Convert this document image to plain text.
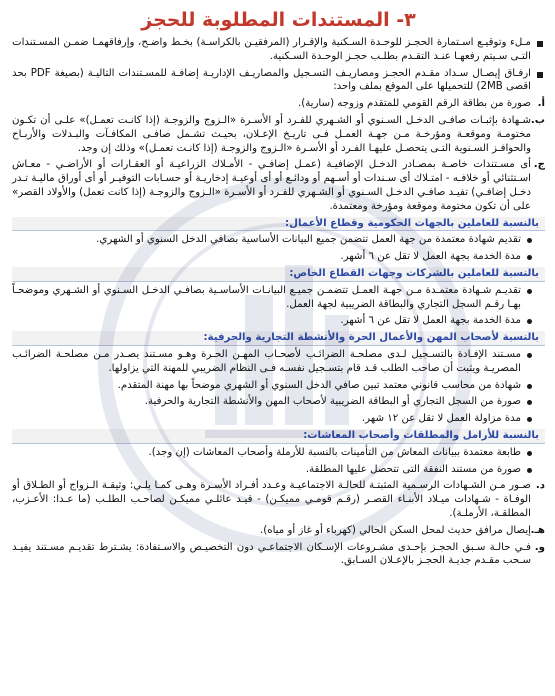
٣- المستندات المطلوبة للحجز
مـلء وتوقيـع اسـتمارة الحجـز للوحـدة السـكنية والإقـرار (المرفقيـن بالكراسـة) بخـط واضـح، وإرفاقهمـا ضمـن المسـتندات التـى سـيتم رفعهـا عنـد التقـدم بطلـب حجـز الوحـدة السـكنية.
ارفـاق إيصـال سـداد مقـدم الحجـز ومصاريـف التسـجيل والمصاريـف الإداريـة إضافـة للمسـتندات التاليـة (بصيغة PDF بحد اقصى 2MB) للتحميلها على الموقع بملف واحد:
أ.
صورة من بطاقة الرقم القومي للمتقدم وزوجه (سارية).
ب.
شـهادة بإثبـات صافـى الدخـل السـنوي أو الشـهري للفـرد أو الأسـرة «الـزوج والزوجـة (إذا كانـت تعمـل)» علـى أن تكـون مختومـة وموقعـة ومؤرخـة مـن جهـة العمـل فـى تاريـخ الإعـلان، بحيـث تشـمل صافـى المكافـآت والبـدلات والأربـاح والحوافـز السـنوية التـى يتحصـل عليهـا الفـرد أو الأسـرة «الـزوج والزوجـة (إذا كانـت تعمـل)» وذلك إن وجد.
ج.
أى مسـتندات خاصـة بمصـادر الدخـل الإضافيـة (عمـل إضافـي - الأمـلاك الزراعيـة أو العقـارات أو الأراضـي - معـاش اسـتثنائي أو خلافـه - امتـلاك أى سـندات أو أسـهم أو ودائـع أو أى أوعيـة إدخاريـة أو حسـابات التوفيـر أو أى أوراق ماليـة تـدر دخـل إضافـي) تفيـد صافـي الدخـل السـنوي أو الشـهري للفـرد أو الأسـرة «الـزوج والزوجـة (إذا كانت تعمل) والأولاد القصر» على أن تكون مختومة وموقعة ومؤرخة ومعتمدة.
بالنسبة للعاملين بالجهات الحكومية وقطاع الأعمال:
تقديم شهادة معتمدة من جهة العمل تتضمن جميع البيانات الأساسية بصافي الدخل السنوي أو الشهري.
مدة الخدمة بجهة العمل لا تقل عن ٦ أشهر.
بالنسبة للعاملين بالشركات وجهات القطاع الخاص:
تقديـم شـهادة معتمـدة مـن جهـة العمـل تتضمـن جميـع البيانـات الأساسـية بصافـي الدخـل السـنوي أو الشـهري وموضحـاً بهـا رقـم السجل التجاري والبطاقة الضريبية لجهة العمل.
مدة الخدمة بجهة العمل لا تقل عن ٦ أشهر.
بالنسبة لأصحاب المهن والأعمال الحرة والأنشطة التجارية والحرفية:
مسـتند الإفـادة بالتسـجيل لـدى مصلحـة الضرائـب لأصحـاب المهـن الحـرة وهـو مسـتند يصـدر مـن مصلحـة الضرائـب المصريـة ويثبت أن صاحب الطلب قـد قام بتسـجيل نفسـه فـى النظام الضريبي للمهنة التي يزاولها.
شهادة من محاسب قانوني معتمد تبين صافي الدخل السنوي أو الشهري موضحاً بها مهنة المتقدم.
صورة من السجل التجاري أو البطاقة الضريبية لأصحاب المهن والأنشطة التجارية والحرفية.
مدة مزاولة العمل لا تقل عن ١٢ شهر.
بالنسبة للأرامل والمطلقات وأصحاب المعاشات:
طابعة معتمدة ببيانات المعاش من التأمينات بالنسبة للأرملة وأصحاب المعاشات (إن وجد).
صورة من مستند النفقة التى تتحصل عليها المطلقة.
د.
صـور مـن الشـهادات الرسـمية المثبتـة للحالـة الاجتماعيـة وعـدد أفـراد الأسـرة وهـى كمـا يلـي: وثيقـة الـزواج أو الطـلاق أو الوفـاة - شـهادات ميـلاد الأبنـاء القصـر (رقـم قومـي مميكـن) - قيـد عائلـي مميكـن لصاحـب الطلـب (ما عـدا: الأعـزب، المطلقـة، الأرملـة).
هـ.
إيصال مرافق حديث لمحل السكن الحالي (كهرباء أو غاز أو مياه).
و.
فـي حالـة سـبق الحجـز بإحـدى مشـروعات الإسـكان الاجتماعـي دون التخصيـص والاسـتفادة: يشـترط تقديـم مسـتند يفيـد سـحب مقـدم جديـة الحجـز بالإعـلان السـابق.
